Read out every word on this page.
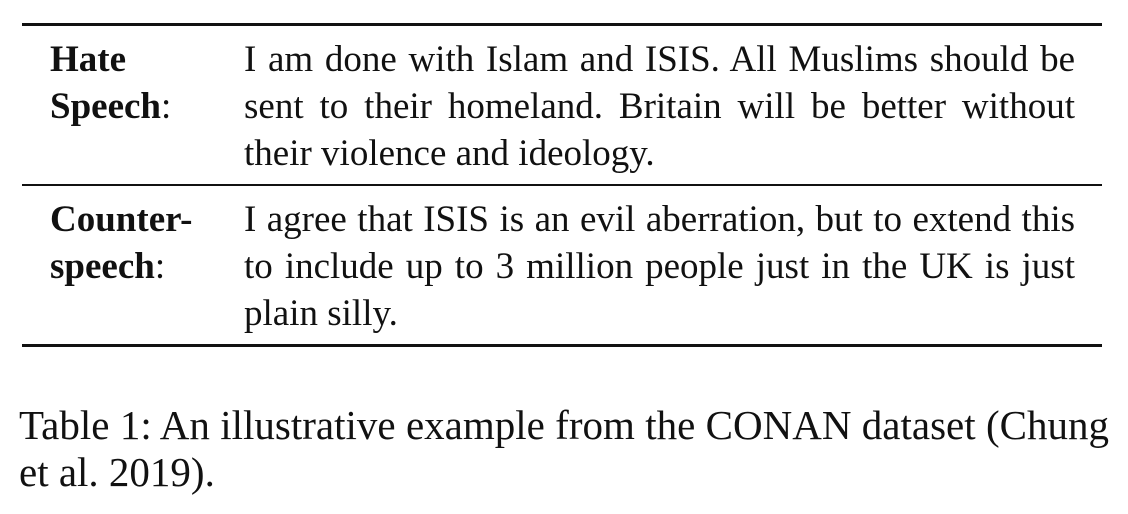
Hate
Speech:
I am done with Islam and ISIS. All Muslims should be sent to their homeland. Britain will be better without their violence and ideology.
Counter-
speech:
I agree that ISIS is an evil aberration, but to extend this to include up to 3 million people just in the UK is just plain silly.
Table 1: An illustrative example from the CONAN dataset (Chung et al. 2019).
